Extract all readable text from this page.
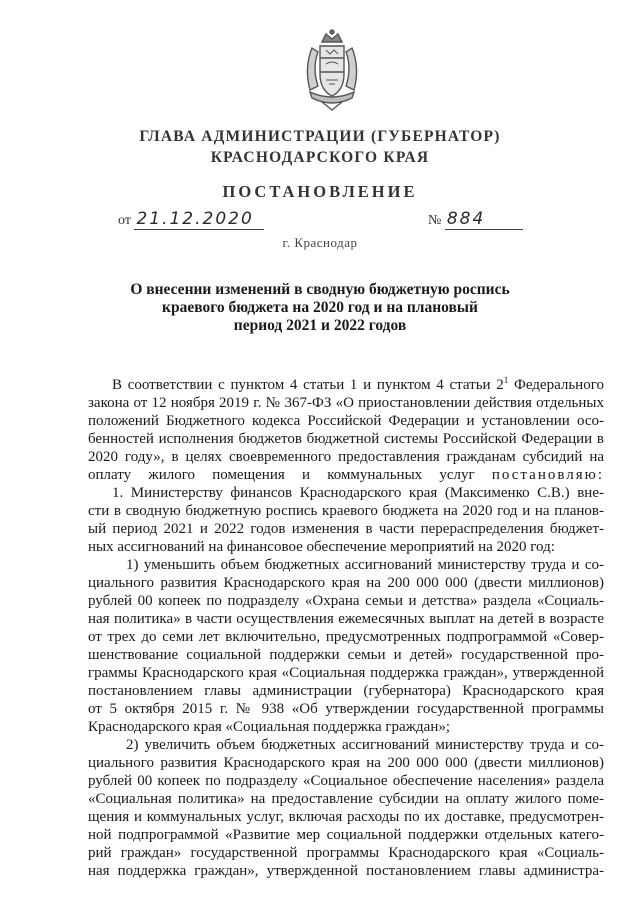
ГЛАВА АДМИНИСТРАЦИИ (ГУБЕРНАТОР)
КРАСНОДАРСКОГО КРАЯ
ПОСТАНОВЛЕНИЕ
от 21.12.2020	№ 884
г. Краснодар
О внесении изменений в сводную бюджетную роспись
краевого бюджета на 2020 год и на плановый
период 2021 и 2022 годов
В соответствии с пунктом 4 статьи 1 и пунктом 4 статьи $2^1$ Федерального
закона от 12 ноября 2019 г. № 367-ФЗ «О приостановлении действия отдельных
положений Бюджетного кодекса Российской Федерации и установлении осо-
бенностей исполнения бюджетов бюджетной системы Российской Федерации в
2020 году», в целях своевременного предоставления гражданам субсидий на
оплату жилого помещения и коммунальных услуг постановляю:
1. Министерству финансов Краснодарского края (Максименко С.В.) вне-
сти в сводную бюджетную роспись краевого бюджета на 2020 год и на планов-
ый период 2021 и 2022 годов изменения в части перераспределения бюджет-
ных ассигнований на финансовое обеспечение мероприятий на 2020 год:
1) уменьшить объем бюджетных ассигнований министерству труда и со-
циального развития Краснодарского края на 200 000 000 (двести миллионов)
рублей 00 копеек по подразделу «Охрана семьи и детства» раздела «Социаль-
ная политика» в части осуществления ежемесячных выплат на детей в возрасте
от трех до семи лет включительно, предусмотренных подпрограммой «Совер-
шенствование социальной поддержки семьи и детей» государственной про-
граммы Краснодарского края «Социальная поддержка граждан», утвержденной
постановлением главы администрации (губернатора) Краснодарского края
от 5 октября 2015 г. № 938 «Об утверждении государственной программы
Краснодарского края «Социальная поддержка граждан»;
2) увеличить объем бюджетных ассигнований министерству труда и со-
циального развития Краснодарского края на 200 000 000 (двести миллионов)
рублей 00 копеек по подразделу «Социальное обеспечение населения» раздела
«Социальная политика» на предоставление субсидии на оплату жилого поме-
щения и коммунальных услуг, включая расходы по их доставке, предусмотрен-
ной подпрограммой «Развитие мер социальной поддержки отдельных катего-
рий граждан» государственной программы Краснодарского края «Социаль-
ная поддержка граждан», утвержденной постановлением главы администра-
